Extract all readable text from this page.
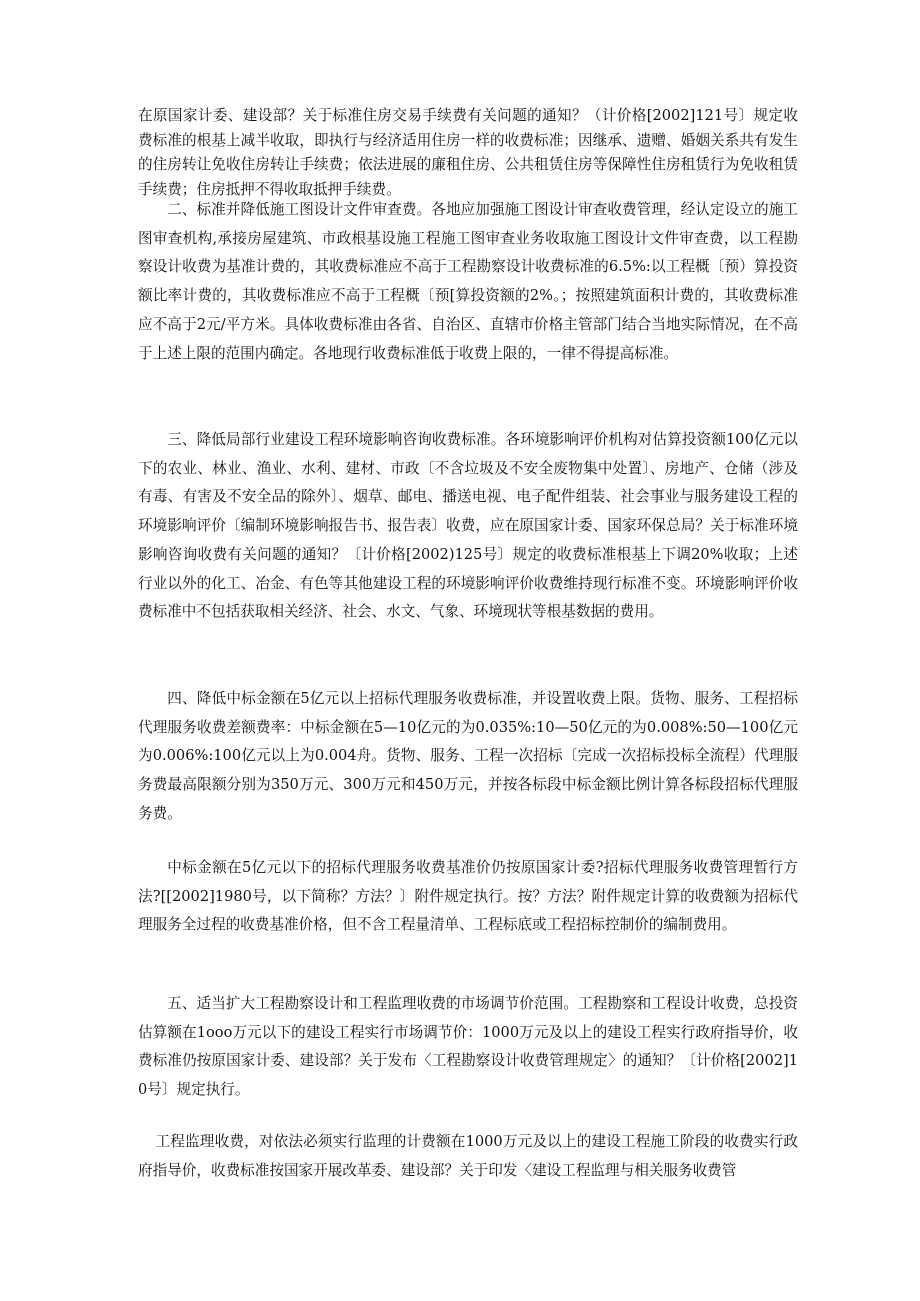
在原国家计委、建设部？关于标准住房交易手续费有关问题的通知？（计价格[2002]121号〕规定收费标准的根基上减半收取，即执行与经济适用住房一样的收费标准；因继承、遗赠、婚姻关系共有发生的住房转让免收住房转让手续费；依法进展的廉租住房、公共租赁住房等保障性住房租赁行为免收租赁手续费；住房抵押不得收取抵押手续费。

二、标准并降低施工图设计文件审查费。各地应加强施工图设计审查收费管理，经认定设立的施工图审查机构,承接房屋建筑、市政根基设施工程施工图审查业务收取施工图设计文件审查费，以工程勘察设计收费为基准计费的，其收费标准应不高于工程勘察设计收费标准的6.5%:以工程概〔预）算投资额比率计费的，其收费标准应不高于工程概〔预[算投资额的2%。；按照建筑面积计费的，其收费标准应不高于2元/平方米。具体收费标准由各省、自治区、直辖市价格主管部门结合当地实际情况，在不高于上述上限的范围内确定。各地现行收费标准低于收费上限的，一律不得提高标准。

三、降低局部行业建设工程环境影响咨询收费标准。各环境影响评价机构对估算投资额100亿元以下的农业、林业、渔业、水利、建材、市政〔不含垃圾及不安全废物集中处置〕、房地产、仓储（涉及有毒、有害及不安全品的除外〕、烟草、邮电、播送电视、电子配件组装、社会事业与服务建设工程的环境影响评价〔编制环境影响报告书、报告表〕收费，应在原国家计委、国家环保总局？关于标准环境影响咨询收费有关问题的通知？〔计价格[2002)125号〕规定的收费标准根基上下调20%收取；上述行业以外的化工、冶金、有色等其他建设工程的环境影响评价收费维持现行标准不变。环境影响评价收费标准中不包括获取相关经济、社会、水文、气象、环境现状等根基数据的费用。

四、降低中标金额在5亿元以上招标代理服务收费标准，并设置收费上限。货物、服务、工程招标代理服务收费差额费率：中标金额在5—10亿元的为0.035%:10—50亿元的为0.008%:50—100亿元为0.006%:100亿元以上为0.004舟。货物、服务、工程一次招标〔完成一次招标投标全流程）代理服务费最高限额分别为350万元、300万元和450万元，并按各标段中标金额比例计算各标段招标代理服务费。

中标金额在5亿元以下的招标代理服务收费基准价仍按原国家计委?招标代理服务收费管理暂行方法?[[2002]1980号，以下简称？方法？〕附件规定执行。按？方法？附件规定计算的收费额为招标代理服务全过程的收费基准价格，但不含工程量清单、工程标底或工程招标控制价的编制费用。

五、适当扩大工程勘察设计和工程监理收费的市场调节价范围。工程勘察和工程设计收费，总投资估算额在1ooo万元以下的建设工程实行市场调节价：1000万元及以上的建设工程实行政府指导价，收费标准仍按原国家计委、建设部？关于发布〈工程勘察设计收费管理规定〉的通知？〔计价格[2002]10号〕规定执行。

工程监理收费，对依法必须实行监理的计费额在1000万元及以上的建设工程施工阶段的收费实行政府指导价，收费标准按国家开展改革委、建设部？关于印发〈建设工程监理与相关服务收费管
